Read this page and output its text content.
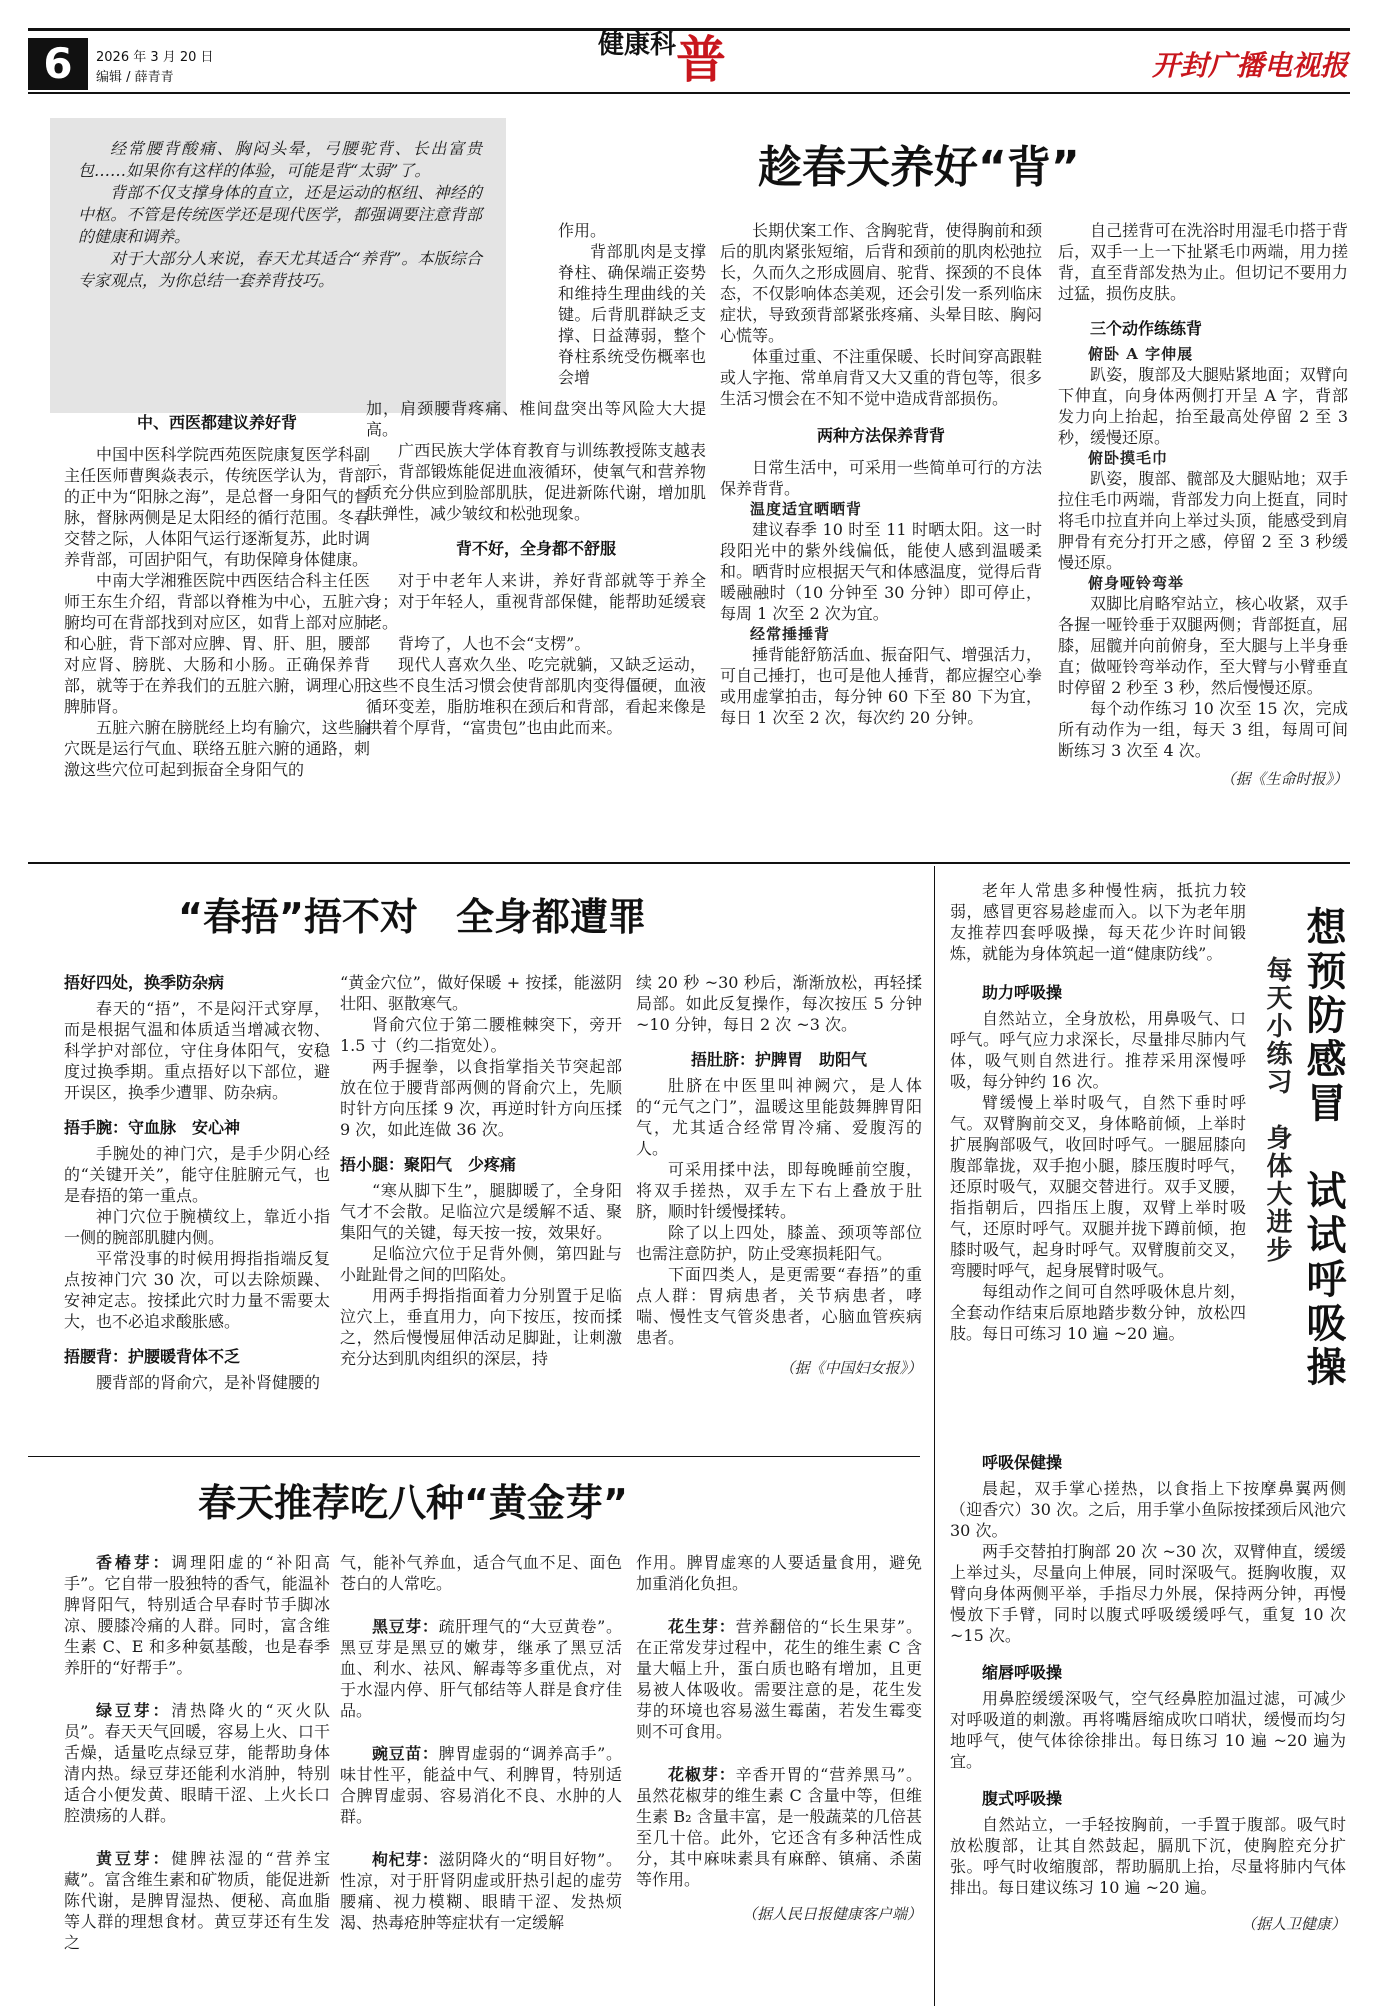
6	2026 年 3 月 20 日
编辑 / 薛青青
健康科 普	开封广播电视报

经常腰背酸痛、胸闷头晕，弓腰驼背、长出富贵包……如果你有这样的体验，可能是背“太弱”了。

背部不仅支撑身体的直立，还是运动的枢纽、神经的中枢。不管是传统医学还是现代医学，都强调要注意背部的健康和调养。

对于大部分人来说，春天尤其适合“养背”。本版综合专家观点，为你总结一套养背技巧。

趁春天养好“背”
中、西医都建议养好背

中国中医科学院西苑医院康复医学科副主任医师曹舆焱表示，传统医学认为，背部的正中为“阳脉之海”，是总督一身阳气的督脉，督脉两侧是足太阳经的循行范围。冬春交替之际，人体阳气运行逐渐复苏，此时调养背部，可固护阳气，有助保障身体健康。

中南大学湘雅医院中西医结合科主任医师王东生介绍，背部以脊椎为中心，五脏六腑均可在背部找到对应区，如背上部对应肺和心脏，背下部对应脾、胃、肝、胆，腰部对应肾、膀胱、大肠和小肠。正确保养背部，就等于在养我们的五脏六腑，调理心肝脾肺肾。

五脏六腑在膀胱经上均有腧穴，这些腧穴既是运行气血、联络五脏六腑的通路，刺激这些穴位可起到振奋全身阳气的

作用。

背部肌肉是支撑脊柱、确保端正姿势和维持生理曲线的关键。后背肌群缺乏支撑、日益薄弱，整个脊柱系统受伤概率也会增

加，肩颈腰背疼痛、椎间盘突出等风险大大提高。

广西民族大学体育教育与训练教授陈支越表示，背部锻炼能促进血液循环，使氧气和营养物质充分供应到脸部肌肤，促进新陈代谢，增加肌肤弹性，减少皱纹和松弛现象。

背不好，全身都不舒服

对于中老年人来讲，养好背部就等于养全身；对于年轻人，重视背部保健，能帮助延缓衰老。

背垮了，人也不会“支楞”。

现代人喜欢久坐、吃完就躺，又缺乏运动，这些不良生活习惯会使背部肌肉变得僵硬，血液循环变差，脂肪堆积在颈后和背部，看起来像是拱着个厚背，“富贵包”也由此而来。

长期伏案工作、含胸驼背，使得胸前和颈后的肌肉紧张短缩，后背和颈前的肌肉松弛拉长，久而久之形成圆肩、驼背、探颈的不良体态，不仅影响体态美观，还会引发一系列临床症状，导致颈背部紧张疼痛、头晕目眩、胸闷心慌等。

体重过重、不注重保暖、长时间穿高跟鞋或人字拖、常单肩背又大又重的背包等，很多生活习惯会在不知不觉中造成背部损伤。

两种方法保养背背

日常生活中，可采用一些简单可行的方法保养背背。

温度适宜晒晒背

建议春季 10 时至 11 时晒太阳。这一时段阳光中的紫外线偏低，能使人感到温暖柔和。晒背时应根据天气和体感温度，觉得后背暖融融时（10 分钟至 30 分钟）即可停止，每周 1 次至 2 次为宜。

经常捶捶背

捶背能舒筋活血、振奋阳气、增强活力，可自己捶打，也可是他人捶背，都应握空心拳或用虚掌拍击，每分钟 60 下至 80 下为宜，每日 1 次至 2 次，每次约 20 分钟。

自己搓背可在洗浴时用湿毛巾搭于背后，双手一上一下扯紧毛巾两端，用力搓背，直至背部发热为止。但切记不要用力过猛，损伤皮肤。

三个动作练练背
俯卧 A 字伸展

趴姿，腹部及大腿贴紧地面；双臂向下伸直，向身体两侧打开呈 A 字，背部发力向上抬起，抬至最高处停留 2 至 3 秒，缓慢还原。

俯卧摸毛巾

趴姿，腹部、髋部及大腿贴地；双手拉住毛巾两端，背部发力向上挺直，同时将毛巾拉直并向上举过头顶，能感受到肩胛骨有充分打开之感，停留 2 至 3 秒缓慢还原。

俯身哑铃弯举

双脚比肩略窄站立，核心收紧，双手各握一哑铃垂于双腿两侧；背部挺直，屈膝，屈髋并向前俯身，至大腿与上半身垂直；做哑铃弯举动作，至大臂与小臂垂直时停留 2 秒至 3 秒，然后慢慢还原。

每个动作练习 10 次至 15 次，完成所有动作为一组，每天 3 组，每周可间断练习 3 次至 4 次。

（据《生命时报》）
“春捂”捂不对　全身都遭罪
捂好四处，换季防杂病

春天的“捂”，不是闷汗式穿厚，而是根据气温和体质适当增减衣物、科学护对部位，守住身体阳气，安稳度过换季期。重点捂好以下部位，避开误区，换季少遭罪、防杂病。

捂手腕：守血脉　安心神

手腕处的神门穴，是手少阴心经的“关键开关”，能守住脏腑元气，也是春捂的第一重点。

神门穴位于腕横纹上，靠近小指一侧的腕部肌腱内侧。

平常没事的时候用拇指指端反复点按神门穴 30 次，可以去除烦躁、安神定志。按揉此穴时力量不需要太大，也不必追求酸胀感。

捂腰背：护腰暖背体不乏

腰背部的肾俞穴，是补肾健腰的

“黄金穴位”，做好保暖 + 按揉，能滋阴壮阳、驱散寒气。

肾俞穴位于第二腰椎棘突下，旁开 1.5 寸（约二指宽处）。

两手握拳，以食指掌指关节突起部放在位于腰背部两侧的肾俞穴上，先顺时针方向压揉 9 次，再逆时针方向压揉 9 次，如此连做 36 次。

捂小腿：聚阳气　少疼痛

“寒从脚下生”，腿脚暖了，全身阳气才不会散。足临泣穴是缓解不适、聚集阳气的关键，每天按一按，效果好。

足临泣穴位于足背外侧，第四趾与小趾趾骨之间的凹陷处。

用两手拇指指面着力分别置于足临泣穴上，垂直用力，向下按压，按而揉之，然后慢慢屈伸活动足脚趾，让刺激充分达到肌肉组织的深层，持

续 20 秒 ~30 秒后，渐渐放松，再轻揉局部。如此反复操作，每次按压 5 分钟 ~10 分钟，每日 2 次 ~3 次。

捂肚脐：护脾胃　助阳气

肚脐在中医里叫神阙穴，是人体的“元气之门”，温暖这里能鼓舞脾胃阳气，尤其适合经常胃冷痛、爱腹泻的人。

可采用揉中法，即每晚睡前空腹，将双手搓热，双手左下右上叠放于肚脐，顺时针缓慢揉转。

除了以上四处，膝盖、颈项等部位也需注意防护，防止受寒损耗阳气。

下面四类人，是更需要“春捂”的重点人群：胃病患者，关节病患者，哮喘、慢性支气管炎患者，心脑血管疾病患者。

（据《中国妇女报》）
春天推荐吃八种“黄金芽”

香椿芽：调理阳虚的“补阳高手”。它自带一股独特的香气，能温补脾肾阳气，特别适合早春时节手脚冰凉、腰膝冷痛的人群。同时，富含维生素 C、E 和多种氨基酸，也是春季养肝的“好帮手”。

绿豆芽：清热降火的“灭火队员”。春天天气回暖，容易上火、口干舌燥，适量吃点绿豆芽，能帮助身体清内热。绿豆芽还能利水消肿，特别适合小便发黄、眼睛干涩、上火长口腔溃疡的人群。

黄豆芽：健脾祛湿的“营养宝藏”。富含维生素和矿物质，能促进新陈代谢，是脾胃湿热、便秘、高血脂等人群的理想食材。黄豆芽还有生发之

气，能补气养血，适合气血不足、面色苍白的人常吃。

黑豆芽：疏肝理气的“大豆黄卷”。黑豆芽是黑豆的嫩芽，继承了黑豆活血、利水、祛风、解毒等多重优点，对于水湿内停、肝气郁结等人群是食疗佳品。

豌豆苗：脾胃虚弱的“调养高手”。味甘性平，能益中气、利脾胃，特别适合脾胃虚弱、容易消化不良、水肿的人群。

枸杞芽：滋阴降火的“明目好物”。性凉，对于肝肾阴虚或肝热引起的虚劳腰痛、视力模糊、眼睛干涩、发热烦渴、热毒疮肿等症状有一定缓解

作用。脾胃虚寒的人要适量食用，避免加重消化负担。

花生芽：营养翻倍的“长生果芽”。在正常发芽过程中，花生的维生素 C 含量大幅上升，蛋白质也略有增加，且更易被人体吸收。需要注意的是，花生发芽的环境也容易滋生霉菌，若发生霉变则不可食用。

花椒芽：辛香开胃的“营养黑马”。虽然花椒芽的维生素 C 含量中等，但维生素 B₂ 含量丰富，是一般蔬菜的几倍甚至几十倍。此外，它还含有多种活性成分，其中麻味素具有麻醉、镇痛、杀菌等作用。

（据人民日报健康客户端）

老年人常患多种慢性病，抵抗力较弱，感冒更容易趁虚而入。以下为老年朋友推荐四套呼吸操，每天花少许时间锻炼，就能为身体筑起一道“健康防线”。

助力呼吸操

自然站立，全身放松，用鼻吸气、口呼气。呼气应力求深长，尽量排尽肺内气体，吸气则自然进行。推荐采用深慢呼吸，每分钟约 16 次。

臂缓慢上举时吸气，自然下垂时呼气。双臂胸前交叉，身体略前倾，上举时扩展胸部吸气，收回时呼气。一腿屈膝向腹部靠拢，双手抱小腿，膝压腹时呼气，还原时吸气，双腿交替进行。双手叉腰，指指朝后，四指压上腹，双臂上举时吸气，还原时呼气。双腿并拢下蹲前倾，抱膝时吸气，起身时呼气。双臂腹前交叉，弯腰时呼气，起身展臂时吸气。

每组动作之间可自然呼吸休息片刻，全套动作结束后原地踏步数分钟，放松四肢。每日可练习 10 遍 ~20 遍。	想预防感冒　试试呼吸操
每天小练习　身体大进步
呼吸保健操

晨起，双手掌心搓热，以食指上下按摩鼻翼两侧（迎香穴）30 次。之后，用手掌小鱼际按揉颈后风池穴 30 次。

两手交替拍打胸部 20 次 ~30 次，双臂伸直，缓缓上举过头，尽量向上伸展，同时深吸气。挺胸收腹，双臂向身体两侧平举，手指尽力外展，保持两分钟，再慢慢放下手臂，同时以腹式呼吸缓缓呼气，重复 10 次 ~15 次。

缩唇呼吸操

用鼻腔缓缓深吸气，空气经鼻腔加温过滤，可减少对呼吸道的刺激。再将嘴唇缩成吹口哨状，缓慢而均匀地呼气，使气体徐徐排出。每日练习 10 遍 ~20 遍为宜。

腹式呼吸操

自然站立，一手轻按胸前，一手置于腹部。吸气时放松腹部，让其自然鼓起，膈肌下沉，使胸腔充分扩张。呼气时收缩腹部，帮助膈肌上抬，尽量将肺内气体排出。每日建议练习 10 遍 ~20 遍。

（据人卫健康）
